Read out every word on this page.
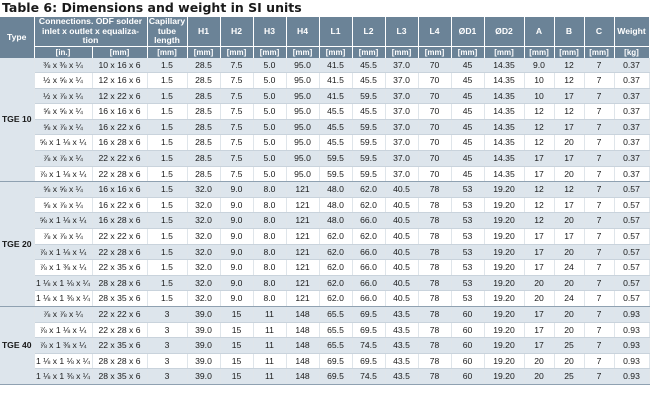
Table 6: Dimensions and weight in SI units
Type	Connections. ODF solder inlet x outlet x equaliza-tion		Capillary tube length	H1	H2	H3	H4	L1	L2	L3	L4	ØD1	ØD2	A	B	C	Weight
	[in.]	[mm]	[mm]	[mm]	[mm]	[mm]	[mm]	[mm]	[mm]	[mm]	[mm]	[mm]	[mm]	[mm]	[mm]	[mm]	[kg]
TGE 10	⅜ x ⅜ x ¼	10 x 16 x 6	1.5	28.5	7.5	5.0	95.0	41.5	45.5	37.0	70	45	14.35	9.0	12	7	0.37
	½ x ⅝ x ¼	12 x 16 x 6	1.5	28.5	7.5	5.0	95.0	41.5	45.5	37.0	70	45	14.35	10	12	7	0.37
	½ x ⅞ x ¼	12 x 22 x 6	1.5	28.5	7.5	5.0	95.0	41.5	59.5	37.0	70	45	14.35	10	17	7	0.37
	⅝ x ⅝ x ¼	16 x 16 x 6	1.5	28.5	7.5	5.0	95.0	45.5	45.5	37.0	70	45	14.35	12	12	7	0.37
	⅝ x ⅞ x ¼	16 x 22 x 6	1.5	28.5	7.5	5.0	95.0	45.5	59.5	37.0	70	45	14.35	12	17	7	0.37
	⅝ x 1 ⅛ x ¼	16 x 28 x 6	1.5	28.5	7.5	5.0	95.0	45.5	59.5	37.0	70	45	14.35	12	20	7	0.37
	⅞ x ⅞ x ¼	22 x 22 x 6	1.5	28.5	7.5	5.0	95.0	59.5	59.5	37.0	70	45	14.35	17	17	7	0.37
	⅞ x 1 ⅛ x ¼	22 x 28 x 6	1.5	28.5	7.5	5.0	95.0	59.5	59.5	37.0	70	45	14.35	17	20	7	0.37
TGE 20	⅝ x ⅝ x ¼	16 x 16 x 6	1.5	32.0	9.0	8.0	121	48.0	62.0	40.5	78	53	19.20	12	12	7	0.57
	⅝ x ⅞ x ¼	16 x 22 x 6	1.5	32.0	9.0	8.0	121	48.0	62.0	40.5	78	53	19.20	12	17	7	0.57
	⅝ x 1 ⅛ x ¼	16 x 28 x 6	1.5	32.0	9.0	8.0	121	48.0	66.0	40.5	78	53	19.20	12	20	7	0.57
	⅞ x ⅞ x ¼	22 x 22 x 6	1.5	32.0	9.0	8.0	121	62.0	62.0	40.5	78	53	19.20	17	17	7	0.57
	⅞ x 1 ⅛ x ¼	22 x 28 x 6	1.5	32.0	9.0	8.0	121	62.0	66.0	40.5	78	53	19.20	17	20	7	0.57
	⅞ x 1 ⅜ x ¼	22 x 35 x 6	1.5	32.0	9.0	8.0	121	62.0	66.0	40.5	78	53	19.20	17	24	7	0.57
	1 ⅛ x 1 ⅛ x ¼	28 x 28 x 6	1.5	32.0	9.0	8.0	121	62.0	66.0	40.5	78	53	19.20	20	20	7	0.57
	1 ⅛ x 1 ⅜ x ¼	28 x 35 x 6	1.5	32.0	9.0	8.0	121	62.0	66.0	40.5	78	53	19.20	20	24	7	0.57
TGE 40	⅞ x ⅞ x ¼	22 x 22 x 6	3	39.0	15	11	148	65.5	69.5	43.5	78	60	19.20	17	20	7	0.93
	⅞ x 1 ⅛ x ¼	22 x 28 x 6	3	39.0	15	11	148	65.5	69.5	43.5	78	60	19.20	17	20	7	0.93
	⅞ x 1 ⅜ x ¼	22 x 35 x 6	3	39.0	15	11	148	65.5	74.5	43.5	78	60	19.20	17	25	7	0.93
	1 ⅛ x 1 ⅛ x ¼	28 x 28 x 6	3	39.0	15	11	148	69.5	69.5	43.5	78	60	19.20	20	20	7	0.93
	1 ⅛ x 1 ⅜ x ¼	28 x 35 x 6	3	39.0	15	11	148	69.5	74.5	43.5	78	60	19.20	20	25	7	0.93
